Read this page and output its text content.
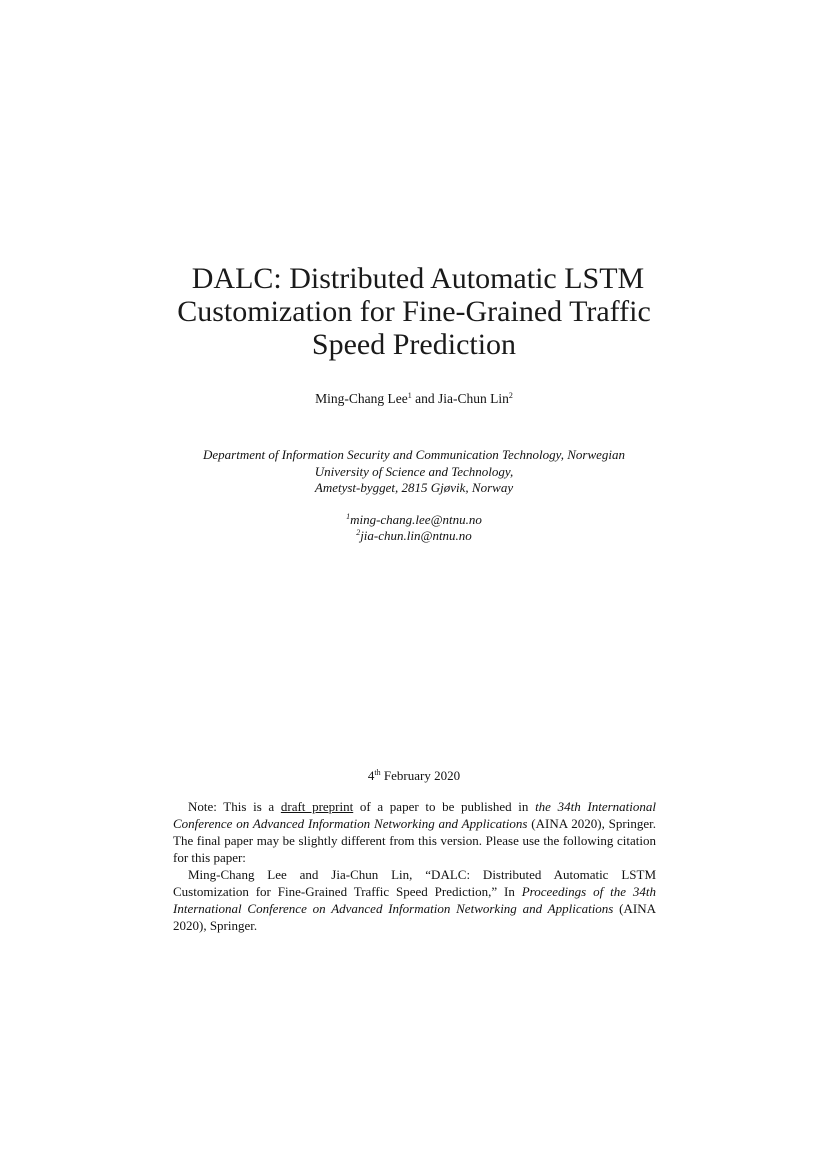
DALC: Distributed Automatic LSTM
Customization for Fine-Grained Traffic
Speed Prediction
Ming-Chang Lee$^1$ and Jia-Chun Lin$^2$
Department of Information Security and Communication Technology, Norwegian
University of Science and Technology,
Ametyst-bygget, 2815 Gjøvik, Norway
$^1$ming-chang.lee@ntnu.no
$^2$jia-chun.lin@ntnu.no
4th February 2020

Note: This is a draft preprint of a paper to be published in the 34th International Conference on Advanced Information Networking and Applications (AINA 2020), Springer. The final paper may be slightly different from this version. Please use the following citation for this paper:

Ming-Chang Lee and Jia-Chun Lin, “DALC: Distributed Automatic LSTM Customization for Fine-Grained Traffic Speed Prediction,” In Proceedings of the 34th International Conference on Advanced Information Networking and Applications (AINA 2020), Springer.
